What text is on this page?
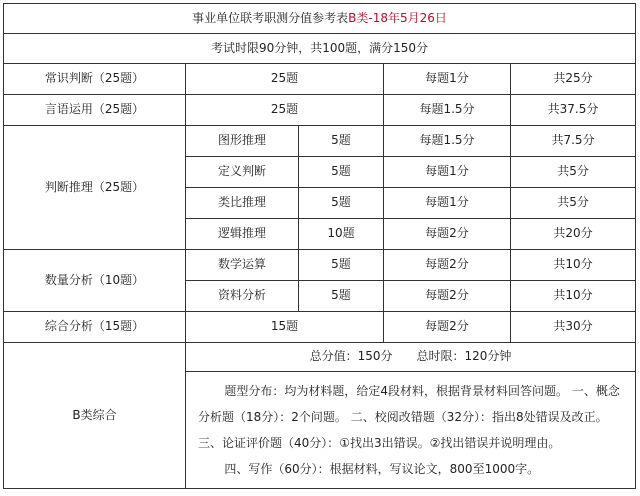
事业单位联考职测分值参考表B类-18年5月26日				
考试时限90分钟，共100题，满分150分				
常识判断（25题）	25题		每题1分	共25分
言语运用（25题）	25题		每题1.5分	共37.5分
判断推理（25题）	图形推理	5题	每题1.5分	共7.5分
	定义判断	5题	每题1分	共5分
	类比推理	5题	每题1分	共5分
	逻辑推理	10题	每题2分	共20分
数量分析（10题）	数学运算	5题	每题2分	共10分
	资料分析	5题	每题2分	共10分
综合分析（15题）	15题		每题2分	共30分
B类综合	总分值：150分　　总时限：120分钟			

	题型分布：均为材料题，给定4段材料，根据背景材料回答问题。 一、概念分析题（18分）：2个问题。 二、校阅改错题（32分）：指出8处错误及改正。 三、论证评价题（40分）：①找出3出错误。②找出错误并说明理由。

四、写作（60分）：根据材料，写议论文，800至1000字。			
